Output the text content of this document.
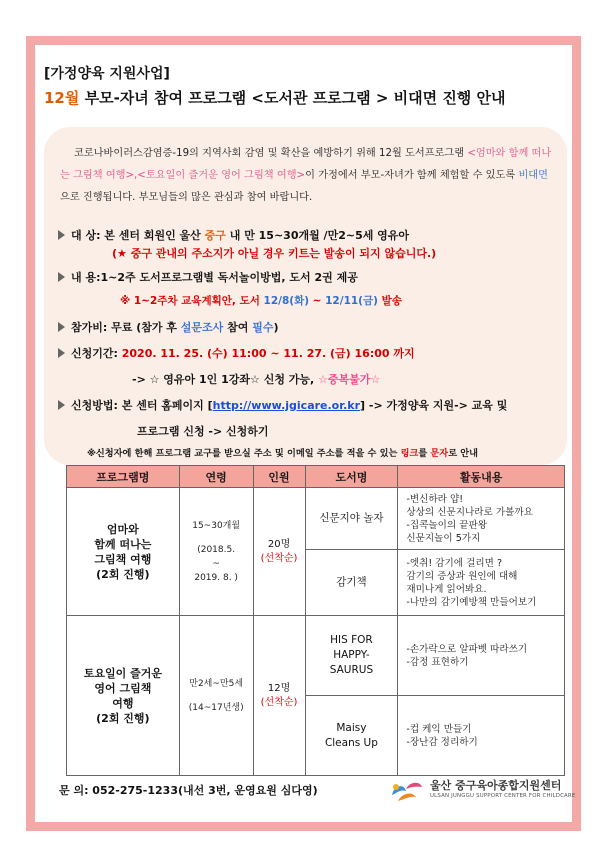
[가정양육 지원사업]
12월 부모-자녀 참여 프로그램 <도서관 프로그램 > 비대면 진행 안내
코로나바이러스감염증-19의 지역사회 감염 및 확산을 예방하기 위해 12월 도서프로그램 <엄마와 함께 떠나는 그림책 여행>,<토요일이 즐거운 영어 그림책 여행>이 가정에서 부모-자녀가 함께 체험할 수 있도록 비대면으로 진행됩니다. 부모님들의 많은 관심과 참여 바랍니다.
대 상: 본 센터 회원인 울산 중구 내 만 15~30개월 /만2~5세 영유아
(★ 중구 관내의 주소지가 아닐 경우 키트는 발송이 되지 않습니다.)
내 용:1~2주 도서프로그램별 독서놀이방법, 도서 2권 제공
※ 1~2주차 교육계획안, 도서 12/8(화) ~ 12/11(금) 발송
참가비: 무료 (참가 후 설문조사 참여 필수)
신청기간: 2020. 11. 25. (수) 11:00 ~ 11. 27. (금) 16:00 까지
-> ☆ 영유아 1인 1강좌☆ 신청 가능, ☆중복불가☆
신청방법: 본 센터 홈페이지 [http://www.jgicare.or.kr] -> 가정양육 지원-> 교육 및
프로그램 신청 -> 신청하기
※신청자에 한해 프로그램 교구를 받으실 주소 및 이메일 주소를 적을 수 있는 링크를 문자로 안내
프로그램명	연령	인원	도서명	활동내용

엄마와
함께 떠나는
그림책 여행
(2회 진행)	15~30개월
(2018.5.
~
2019. 8. )	20명
(선착순)	신문지야 놀자	-변신하라 얍!
상상의 신문지나라로 가볼까요
-집콕놀이의 끝판왕
신문지놀이 5가지

			감기책	-엣취! 감기에 걸리면 ?
감기의 증상과 원인에 대해
재미나게 읽어봐요.
-나만의 감기예방책 만들어보기

토요일이 즐거운
영어 그림책
여행
(2회 진행)	만2세~만5세
(14~17년생)	12명
(선착순)	HIS FOR
HAPPY-
SAURUS	-손가락으로 알파벳 따라쓰기
-감정 표현하기

			Maisy
Cleans Up	-컵 케익 만들기
-장난감 정리하기
문 의: 052-275-1233(내선 3번, 운영요원 심다영)	울산 중구육아종합지원센터
ULSAN JUNGGU SUPPORT CENTER FOR CHILDCARE
